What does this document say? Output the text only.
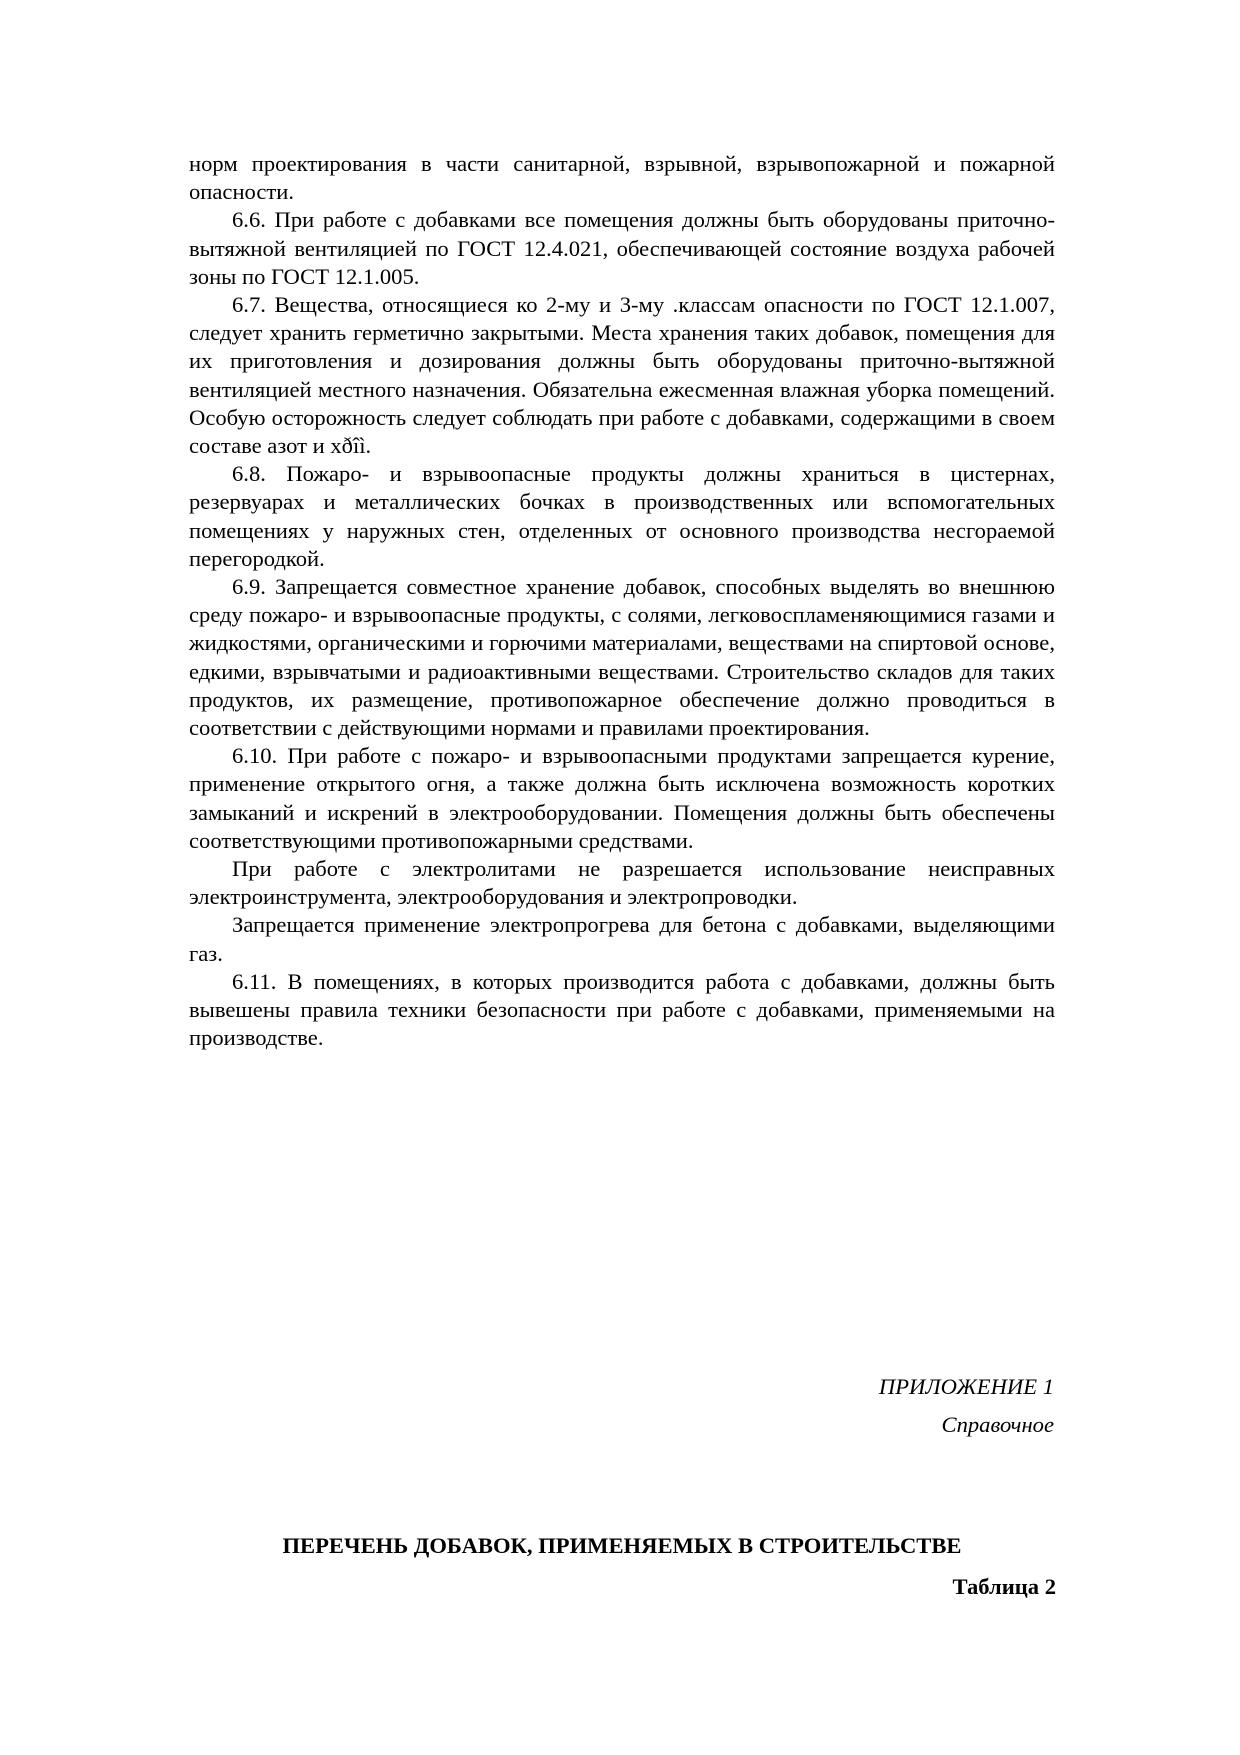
норм проектирования в части санитарной, взрывной, взрывопожарной и пожарной опасности.

6.6. При работе с добавками все помещения должны быть оборудованы приточно-вытяжной вентиляцией по ГОСТ 12.4.021, обеспечивающей состояние воздуха рабочей зоны по ГОСТ 12.1.005.

6.7. Вещества, относящиеся ко 2-му и 3-му .классам опасности по ГОСТ 12.1.007, следует хранить герметично закрытыми. Места хранения таких добавок, помещения для их приготовления и дозирования должны быть оборудованы приточно-вытяжной вентиляцией местного назначения. Обязательна ежесменная влажная уборка помещений. Особую осторожность следует соблюдать при работе с добавками, содержащими в своем составе азот и хðîì.

6.8. Пожаро- и взрывоопасные продукты должны храниться в цистернах, резервуарах и металлических бочках в производственных или вспомогательных помещениях у наружных стен, отделенных от основного производства несгораемой перегородкой.

6.9. Запрещается совместное хранение добавок, способных выделять во внешнюю среду пожаро- и взрывоопасные продукты, с солями, легковоспламеняющимися газами и жидкостями, органическими и горючими материалами, веществами на спиртовой основе, едкими, взрывчатыми и радиоактивными веществами. Строительство складов для таких продуктов, их размещение, противопожарное обеспечение должно проводиться в соответствии с действующими нормами и правилами проектирования.

6.10. При работе с пожаро- и взрывоопасными продуктами запрещается курение, применение открытого огня, а также должна быть исключена возможность коротких замыканий и искрений в электрооборудовании. Помещения должны быть обеспечены соответствующими противопожарными средствами.

При работе с электролитами не разрешается использование неисправных электроинструмента, электрооборудования и электропроводки.

Запрещается применение электропрогрева для бетона с добавками, выделяющими газ.

6.11. В помещениях, в которых производится работа с добавками, должны быть вывешены правила техники безопасности при работе с добавками, применяемыми на производстве.

ПРИЛОЖЕНИЕ 1
Справочное
ПЕРЕЧЕНЬ ДОБАВОК, ПРИМЕНЯЕМЫХ В СТРОИТЕЛЬСТВЕ
Таблица 2
